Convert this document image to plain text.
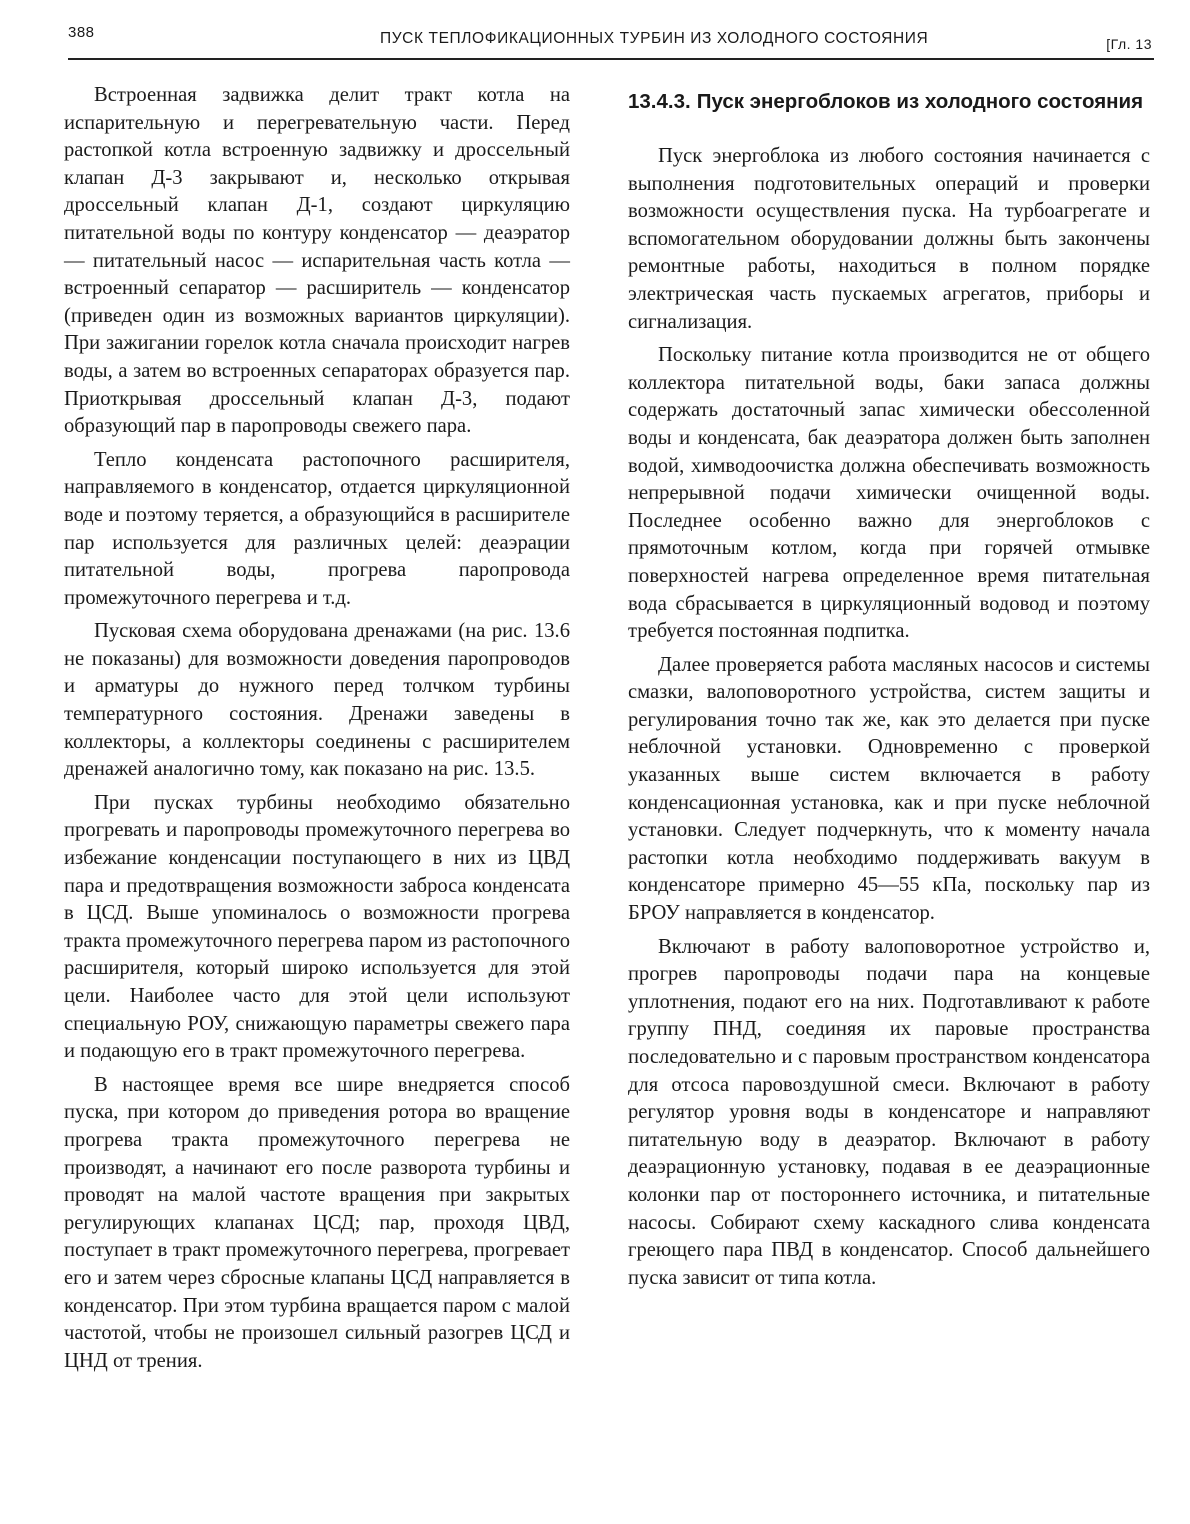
388	ПУСК ТЕПЛОФИКАЦИОННЫХ ТУРБИН ИЗ ХОЛОДНОГО СОСТОЯНИЯ	[Гл. 13

Встроенная задвижка делит тракт котла на испарительную и перегревательную части. Перед растопкой котла встроенную задвижку и дроссельный клапан Д-3 закрывают и, несколько открывая дроссельный клапан Д-1, создают циркуляцию питательной воды по контуру конденсатор — деаэратор — питательный насос — испарительная часть котла — встроенный сепаратор — расширитель — конденсатор (приведен один из возможных вариантов циркуляции). При зажигании горелок котла сначала происходит нагрев воды, а затем во встроенных сепараторах образуется пар. Приоткрывая дроссельный клапан Д-3, подают образующий пар в паропроводы свежего пара.

Тепло конденсата растопочного расширителя, направляемого в конденсатор, отдается циркуляционной воде и поэтому теряется, а образующийся в расширителе пар используется для различных целей: деаэрации питательной воды, прогрева паропровода промежуточного перегрева и т.д.

Пусковая схема оборудована дренажами (на рис. 13.6 не показаны) для возможности доведения паропроводов и арматуры до нужного перед толчком турбины температурного состояния. Дренажи заведены в коллекторы, а коллекторы соединены с расширителем дренажей аналогично тому, как показано на рис. 13.5.

При пусках турбины необходимо обязательно прогревать и паропроводы промежуточного перегрева во избежание конденсации поступающего в них из ЦВД пара и предотвращения возможности заброса конденсата в ЦСД. Выше упоминалось о возможности прогрева тракта промежуточного перегрева паром из растопочного расширителя, который широко используется для этой цели. Наиболее часто для этой цели используют специальную РОУ, снижающую параметры свежего пара и подающую его в тракт промежуточного перегрева.

В настоящее время все шире внедряется способ пуска, при котором до приведения ротора во вращение прогрева тракта промежуточного перегрева не производят, а начинают его после разворота турбины и проводят на малой частоте вращения при закрытых регулирующих клапанах ЦСД; пар, проходя ЦВД, поступает в тракт промежуточного перегрева, прогревает его и затем через сбросные клапаны ЦСД направляется в конденсатор. При этом турбина вращается паром с малой частотой, чтобы не произошел сильный разогрев ЦСД и ЦНД от трения.

13.4.3. Пуск энергоблоков из холодного состояния

Пуск энергоблока из любого состояния начинается с выполнения подготовительных операций и проверки возможности осуществления пуска. На турбоагрегате и вспомогательном оборудовании должны быть закончены ремонтные работы, находиться в полном порядке электрическая часть пускаемых агрегатов, приборы и сигнализация.

Поскольку питание котла производится не от общего коллектора питательной воды, баки запаса должны содержать достаточный запас химически обессоленной воды и конденсата, бак деаэратора должен быть заполнен водой, химводоочистка должна обеспечивать возможность непрерывной подачи химически очищенной воды. Последнее особенно важно для энергоблоков с прямоточным котлом, когда при горячей отмывке поверхностей нагрева определенное время питательная вода сбрасывается в циркуляционный водовод и поэтому требуется постоянная подпитка.

Далее проверяется работа масляных насосов и системы смазки, валоповоротного устройства, систем защиты и регулирования точно так же, как это делается при пуске неблочной установки. Одновременно с проверкой указанных выше систем включается в работу конденсационная установка, как и при пуске неблочной установки. Следует подчеркнуть, что к моменту начала растопки котла необходимо поддерживать вакуум в конденсаторе примерно 45—55 кПа, поскольку пар из БРОУ направляется в конденсатор.

Включают в работу валоповоротное устройство и, прогрев паропроводы подачи пара на концевые уплотнения, подают его на них. Подготавливают к работе группу ПНД, соединяя их паровые пространства последовательно и с паровым пространством конденсатора для отсоса паровоздушной смеси. Включают в работу регулятор уровня воды в конденсаторе и направляют питательную воду в деаэратор. Включают в работу деаэрационную установку, подавая в ее деаэрационные колонки пар от постороннего источника, и питательные насосы. Собирают схему каскадного слива конденсата греющего пара ПВД в конденсатор. Способ дальнейшего пуска зависит от типа котла.
